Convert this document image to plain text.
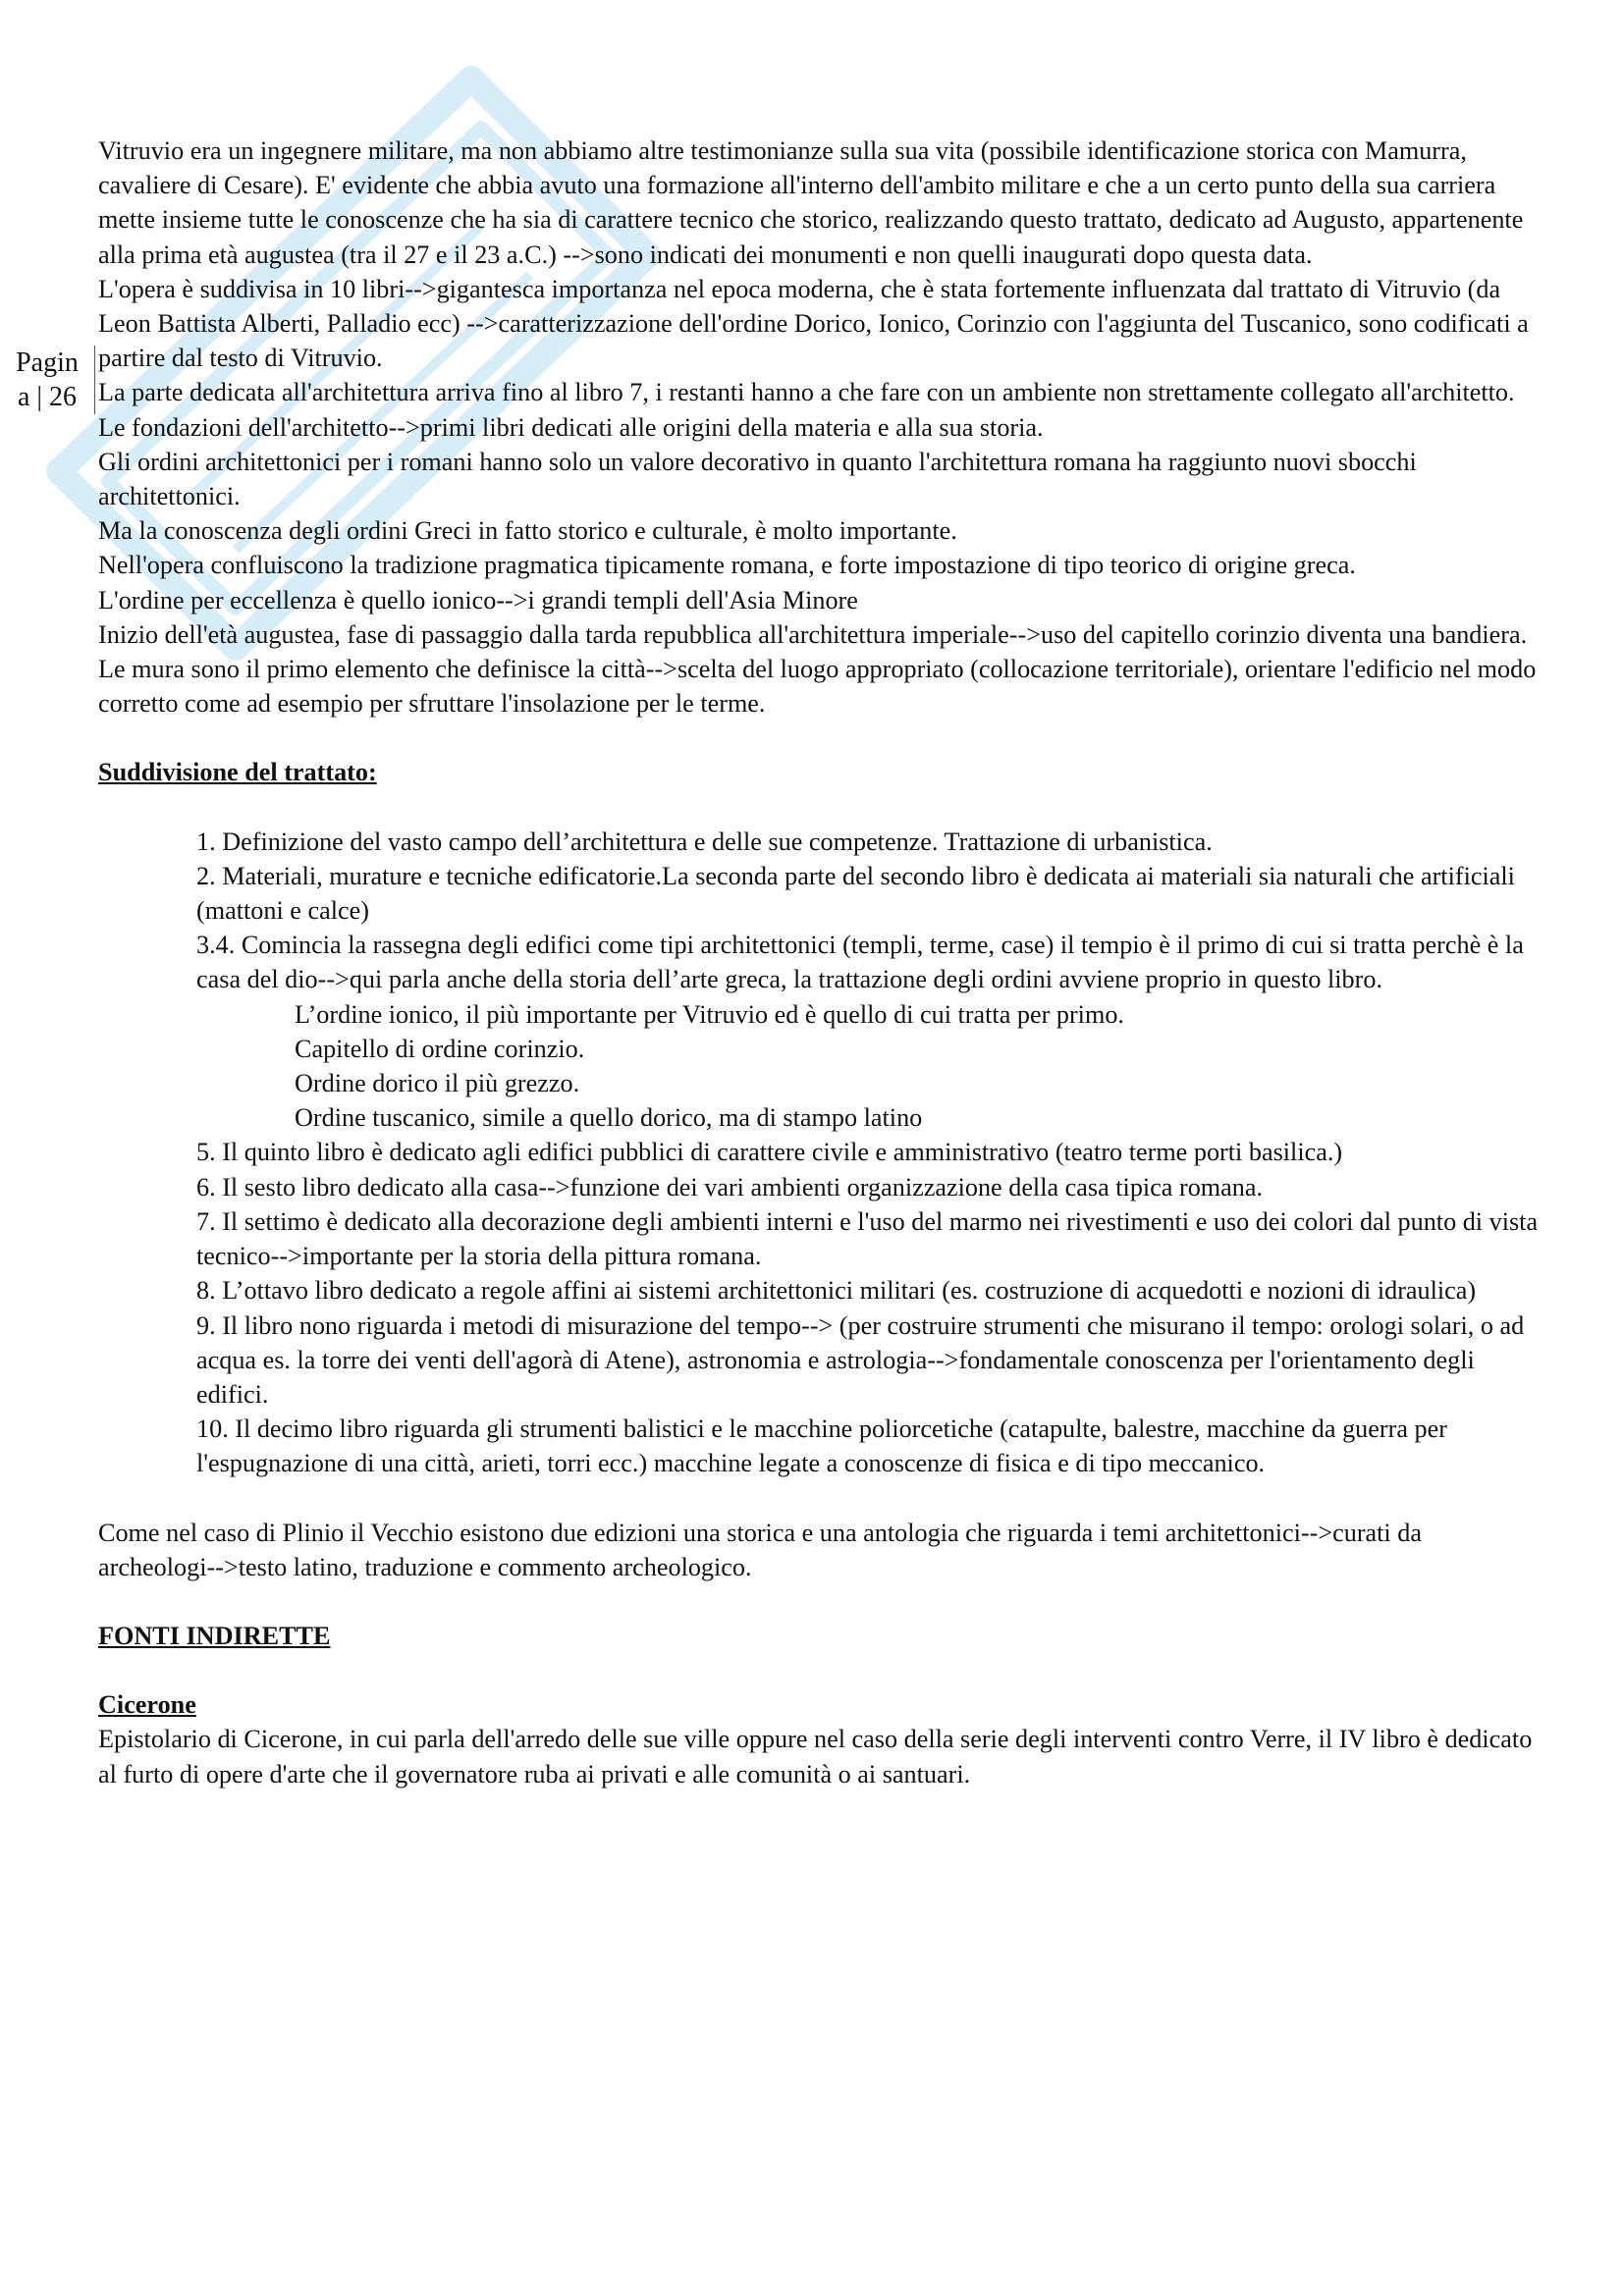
Pagin
a | 26

Vitruvio era un ingegnere militare, ma non abbiamo altre testimonianze sulla sua vita (possibile identificazione storica con Mamurra, cavaliere di Cesare). E' evidente che abbia avuto una formazione all'interno dell'ambito militare e che a un certo punto della sua carriera mette insieme tutte le conoscenze che ha sia di carattere tecnico che storico, realizzando questo trattato, dedicato ad Augusto, appartenente alla prima età augustea (tra il 27 e il 23 a.C.) -->sono indicati dei monumenti e non quelli inaugurati dopo questa data.

L'opera è suddivisa in 10 libri-->gigantesca importanza nel epoca moderna, che è stata fortemente influenzata dal trattato di Vitruvio (da Leon Battista Alberti, Palladio ecc) -->caratterizzazione dell'ordine Dorico, Ionico, Corinzio con l'aggiunta del Tuscanico, sono codificati a partire dal testo di Vitruvio.

La parte dedicata all'architettura arriva fino al libro 7, i restanti hanno a che fare con un ambiente non strettamente collegato all'architetto.

Le fondazioni dell'architetto-->primi libri dedicati alle origini della materia e alla sua storia.

Gli ordini architettonici per i romani hanno solo un valore decorativo in quanto l'architettura romana ha raggiunto nuovi sbocchi architettonici.

Ma la conoscenza degli ordini Greci in fatto storico e culturale, è molto importante.

Nell'opera confluiscono la tradizione pragmatica tipicamente romana, e forte impostazione di tipo teorico di origine greca.

L'ordine per eccellenza è quello ionico-->i grandi templi dell'Asia Minore

Inizio dell'età augustea, fase di passaggio dalla tarda repubblica all'architettura imperiale-->uso del capitello corinzio diventa una bandiera.

Le mura sono il primo elemento che definisce la città-->scelta del luogo appropriato (collocazione territoriale), orientare l'edificio nel modo corretto come ad esempio per sfruttare l'insolazione per le terme.

Suddivisione del trattato:

1. Definizione del vasto campo dell’architettura e delle sue competenze. Trattazione di urbanistica.
2. Materiali, murature e tecniche edificatorie.La seconda parte del secondo libro è dedicata ai materiali sia naturali che artificiali (mattoni e calce)
3.4. Comincia la rassegna degli edifici come tipi architettonici (templi, terme, case) il tempio è il primo di cui si tratta perchè è la casa del dio-->qui parla anche della storia dell’arte greca, la trattazione degli ordini avviene proprio in questo libro.
L’ordine ionico, il più importante per Vitruvio ed è quello di cui tratta per primo.
Capitello di ordine corinzio.
Ordine dorico il più grezzo.
Ordine tuscanico, simile a quello dorico, ma di stampo latino
5. Il quinto libro è dedicato agli edifici pubblici di carattere civile e amministrativo (teatro terme porti basilica.)
6. Il sesto libro dedicato alla casa-->funzione dei vari ambienti organizzazione della casa tipica romana.
7. Il settimo è dedicato alla decorazione degli ambienti interni e l'uso del marmo nei rivestimenti e uso dei colori dal punto di vista tecnico-->importante per la storia della pittura romana.
8. L’ottavo libro dedicato a regole affini ai sistemi architettonici militari (es. costruzione di acquedotti e nozioni di idraulica)
9. Il libro nono riguarda i metodi di misurazione del tempo--> (per costruire strumenti che misurano il tempo: orologi solari, o ad acqua es. la torre dei venti dell'agorà di Atene), astronomia e astrologia-->fondamentale conoscenza per l'orientamento degli edifici.
10. Il decimo libro riguarda gli strumenti balistici e le macchine poliorcetiche (catapulte, balestre, macchine da guerra per l'espugnazione di una città, arieti, torri ecc.) macchine legate a conoscenze di fisica e di tipo meccanico.

Come nel caso di Plinio il Vecchio esistono due edizioni una storica e una antologia che riguarda i temi architettonici-->curati da archeologi-->testo latino, traduzione e commento archeologico.

FONTI INDIRETTE

Cicerone

Epistolario di Cicerone, in cui parla dell'arredo delle sue ville oppure nel caso della serie degli interventi contro Verre, il IV libro è dedicato al furto di opere d'arte che il governatore ruba ai privati e alle comunità o ai santuari.
